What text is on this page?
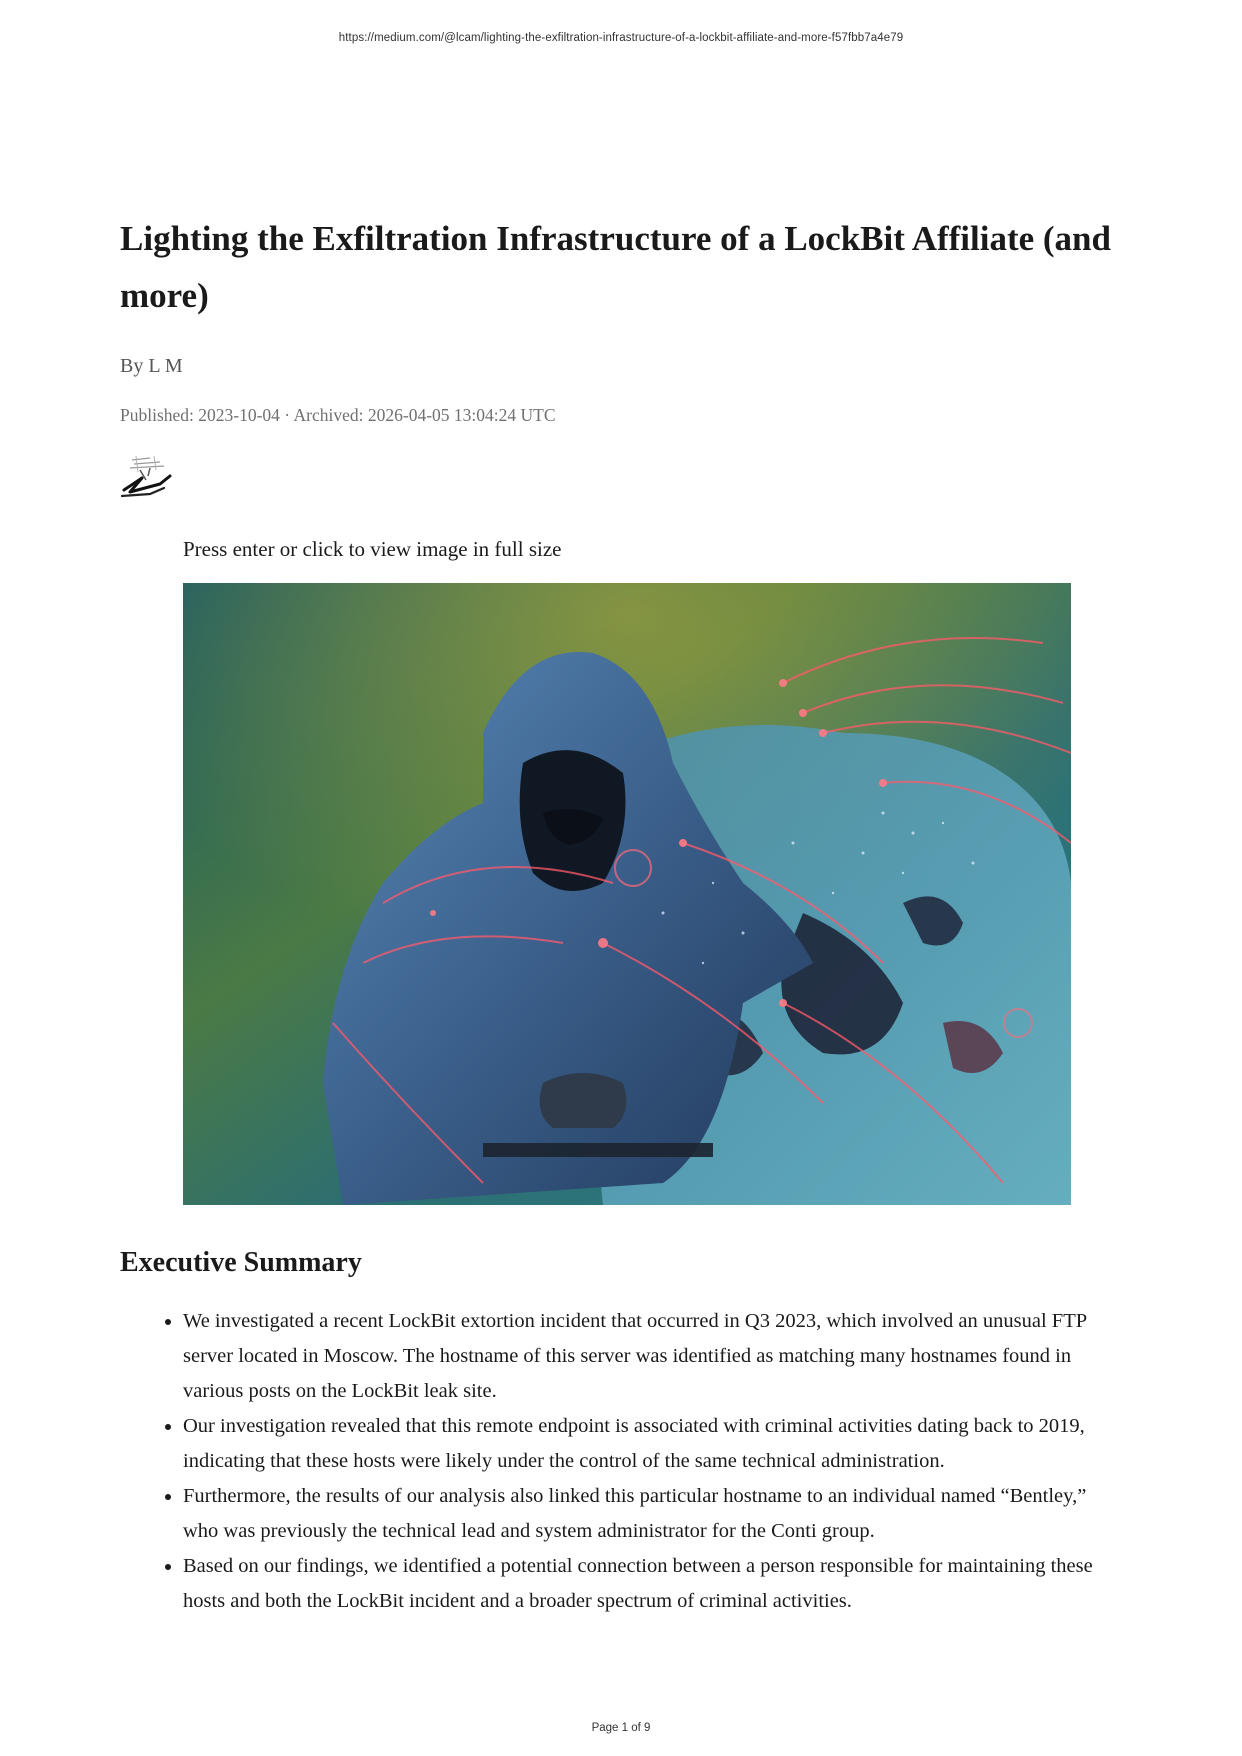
https://medium.com/@lcam/lighting-the-exfiltration-infrastructure-of-a-lockbit-affiliate-and-more-f57fbb7a4e79
Lighting the Exfiltration Infrastructure of a LockBit Affiliate (and more)
By L M
Published: 2023-10-04 · Archived: 2026-04-05 13:04:24 UTC
Press enter or click to view image in full size
Executive Summary
• We investigated a recent LockBit extortion incident that occurred in Q3 2023, which involved an unusual FTP server located in Moscow. The hostname of this server was identified as matching many hostnames found in various posts on the LockBit leak site.
• Our investigation revealed that this remote endpoint is associated with criminal activities dating back to 2019, indicating that these hosts were likely under the control of the same technical administration.
• Furthermore, the results of our analysis also linked this particular hostname to an individual named “Bentley,” who was previously the technical lead and system administrator for the Conti group.
• Based on our findings, we identified a potential connection between a person responsible for maintaining these hosts and both the LockBit incident and a broader spectrum of criminal activities.
Page 1 of 9
